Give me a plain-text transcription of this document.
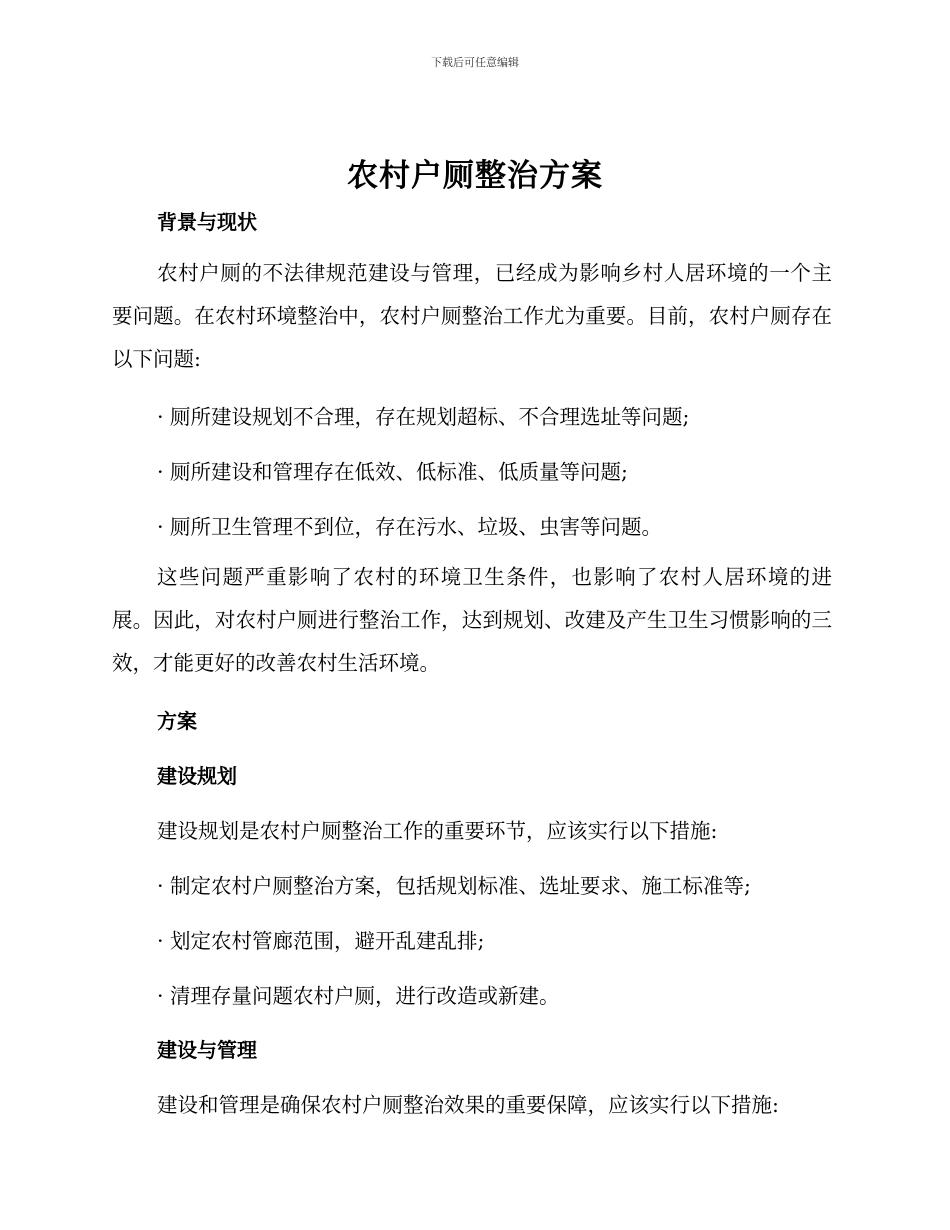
下载后可任意编辑
农村户厕整治方案
背景与现状
农村户厕的不法律规范建设与管理，已经成为影响乡村人居环境的一个主要问题。在农村环境整治中，农村户厕整治工作尤为重要。目前，农村户厕存在以下问题:
· 厕所建设规划不合理，存在规划超标、不合理选址等问题;
· 厕所建设和管理存在低效、低标准、低质量等问题;
· 厕所卫生管理不到位，存在污水、垃圾、虫害等问题。
这些问题严重影响了农村的环境卫生条件，也影响了农村人居环境的进展。因此，对农村户厕进行整治工作，达到规划、改建及产生卫生习惯影响的三效，才能更好的改善农村生活环境。
方案
建设规划
建设规划是农村户厕整治工作的重要环节，应该实行以下措施:
· 制定农村户厕整治方案，包括规划标准、选址要求、施工标准等;
· 划定农村管廊范围，避开乱建乱排;
· 清理存量问题农村户厕，进行改造或新建。
建设与管理
建设和管理是确保农村户厕整治效果的重要保障，应该实行以下措施:
